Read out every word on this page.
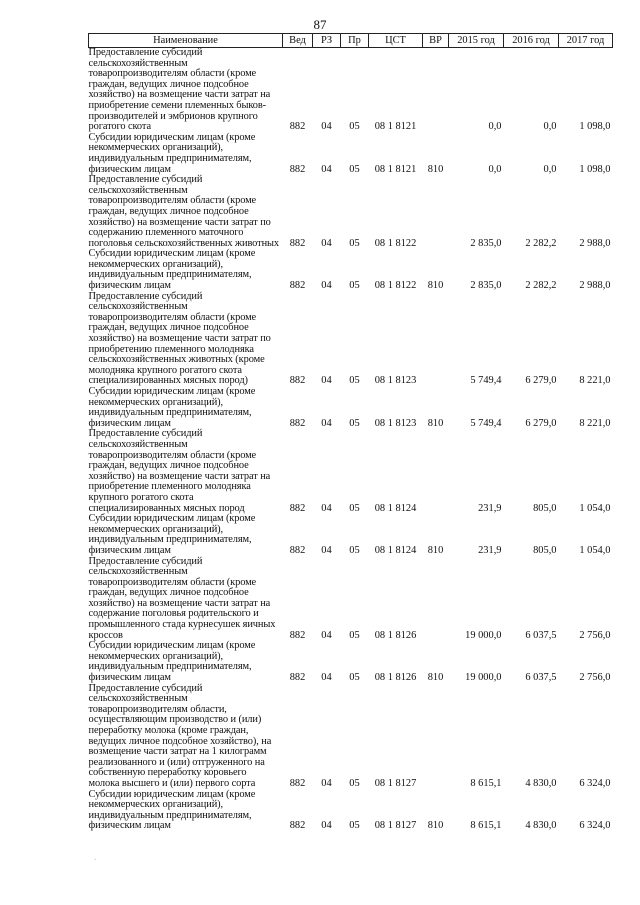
87
Наименование	Вед	РЗ	Пр	ЦСТ	ВР	2015 год	2016 год	2017 год
Предоставление субсидий сельскохозяйственным товаропроизводителям области (кроме граждан, ведущих личное подсобное хозяйство) на возмещение части затрат на приобретение семени племенных быков-производителей и эмбрионов крупного рогатого скота	882	04	05	08 1 8121		0,0	0,0	1 098,0
Субсидии юридическим лицам (кроме некоммерческих организаций), индивидуальным предпринимателям, физическим лицам	882	04	05	08 1 8121	810	0,0	0,0	1 098,0
Предоставление субсидий сельскохозяйственным товаропроизводителям области (кроме граждан, ведущих личное подсобное хозяйство) на возмещение части затрат по содержанию племенного маточного поголовья сельскохозяйственных животных	882	04	05	08 1 8122		2 835,0	2 282,2	2 988,0
Субсидии юридическим лицам (кроме некоммерческих организаций), индивидуальным предпринимателям, физическим лицам	882	04	05	08 1 8122	810	2 835,0	2 282,2	2 988,0
Предоставление субсидий сельскохозяйственным товаропроизводителям области (кроме граждан, ведущих личное подсобное хозяйство) на возмещение части затрат по приобретению племенного молодняка сельскохозяйственных животных (кроме молодняка крупного рогатого скота специализированных мясных пород)	882	04	05	08 1 8123		5 749,4	6 279,0	8 221,0
Субсидии юридическим лицам (кроме некоммерческих организаций), индивидуальным предпринимателям, физическим лицам	882	04	05	08 1 8123	810	5 749,4	6 279,0	8 221,0
Предоставление субсидий сельскохозяйственным товаропроизводителям области (кроме граждан, ведущих личное подсобное хозяйство) на возмещение части затрат на приобретение племенного молодняка крупного рогатого скота специализированных мясных пород	882	04	05	08 1 8124		231,9	805,0	1 054,0
Субсидии юридическим лицам (кроме некоммерческих организаций), индивидуальным предпринимателям, физическим лицам	882	04	05	08 1 8124	810	231,9	805,0	1 054,0
Предоставление субсидий сельскохозяйственным товаропроизводителям области (кроме граждан, ведущих личное подсобное хозяйство) на возмещение части затрат на содержание поголовья родительского и промышленного стада курнесушек яичных кроссов	882	04	05	08 1 8126		19 000,0	6 037,5	2 756,0
Субсидии юридическим лицам (кроме некоммерческих организаций), индивидуальным предпринимателям, физическим лицам	882	04	05	08 1 8126	810	19 000,0	6 037,5	2 756,0
Предоставление субсидий сельскохозяйственным товаропроизводителям области, осуществляющим производство и (или) переработку молока (кроме граждан, ведущих личное подсобное хозяйство), на возмещение части затрат на 1 килограмм реализованного и (или) отгруженного на собственную переработку коровьего молока высшего и (или) первого сорта	882	04	05	08 1 8127		8 615,1	4 830,0	6 324,0
Субсидии юридическим лицам (кроме некоммерческих организаций), индивидуальным предпринимателям, физическим лицам	882	04	05	08 1 8127	810	8 615,1	4 830,0	6 324,0
·
